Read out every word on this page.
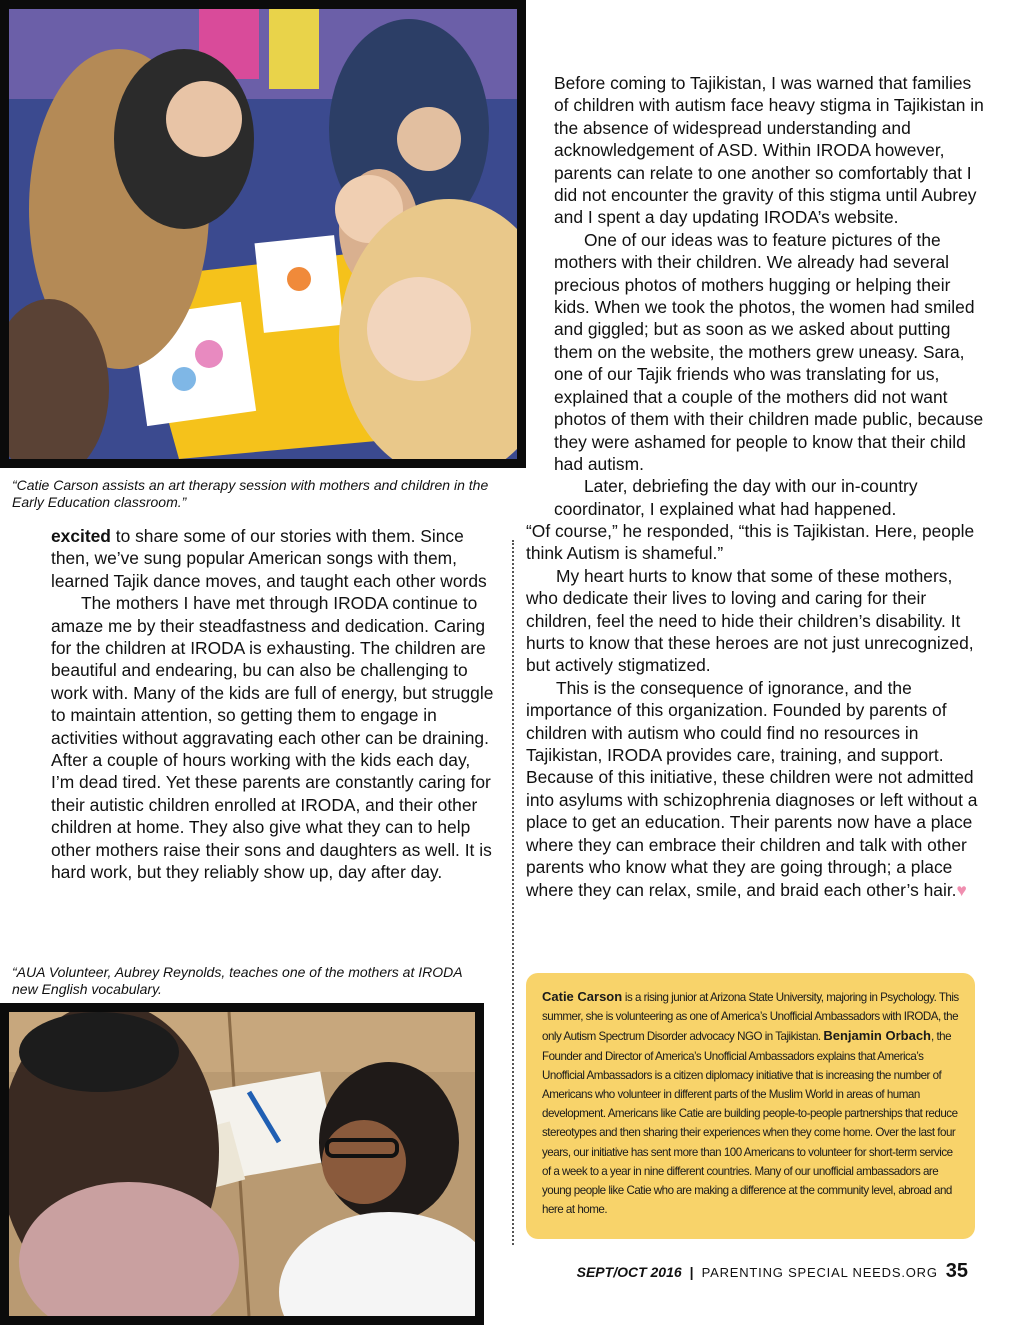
“Catie Carson assists an art therapy session with mothers and children in the Early Education classroom.”

Before coming to Tajikistan, I was warned that families of children with autism face heavy stigma in Tajikistan in the absence of widespread understanding and acknowledgement of ASD. Within IRODA however, parents can relate to one another so comfortably that I did not encounter the gravity of this stigma until Aubrey and I spent a day updating IRODA’s website.

One of our ideas was to feature pictures of the mothers with their children. We already had several precious photos of mothers hugging or helping their kids. When we took the photos, the women had smiled and giggled; but as soon as we asked about putting them on the website, the mothers grew uneasy. Sara, one of our Tajik friends who was translating for us, explained that a couple of the mothers did not want photos of them with their children made public, because they were ashamed for people to know that their child had autism.

Later, debriefing the day with our in-country coordinator, I explained what had happened.

excited to share some of our stories with them. Since then, we’ve sung popular American songs with them, learned Tajik dance moves, and taught each other words

The mothers I have met through IRODA continue to amaze me by their steadfastness and dedication. Caring for the children at IRODA is exhausting. The children are beautiful and endearing, bu can also be challenging to work with. Many of the kids are full of energy, but struggle to maintain attention, so getting them to engage in activities without aggravating each other can be draining. After a couple of hours working with the kids each day, I’m dead tired. Yet these parents are constantly caring for their autistic children enrolled at IRODA, and their other children at home. They also give what they can to help other mothers raise their sons and daughters as well. It is hard work, but they reliably show up, day after day.

“Of course,” he responded, “this is Tajikistan. Here, people think Autism is shameful.”

My heart hurts to know that some of these mothers, who dedicate their lives to loving and caring for their children, feel the need to hide their children’s disability. It hurts to know that these heroes are not just unrecognized, but actively stigmatized.

This is the consequence of ignorance, and the importance of this organization. Founded by parents of children with autism who could find no resources in Tajikistan, IRODA provides care, training, and support. Because of this initiative, these children were not admitted into asylums with schizophrenia diagnoses or left without a place to get an education. Their parents now have a place where they can embrace their children and talk with other parents who know what they are going through; a place where they can relax, smile, and braid each other’s hair.♥

“AUA Volunteer, Aubrey Reynolds, teaches one of the mothers at IRODA new English vocabulary.	Catie Carson is a rising junior at Arizona State University, majoring in Psychology. This summer, she is volunteering as one of America’s Unofficial Ambassadors with IRODA, the only Autism Spectrum Disorder advocacy NGO in Tajikistan. Benjamin Orbach, the Founder and Director of America’s Unofficial Ambassadors explains that America’s Unofficial Ambassadors is a citizen diplomacy initiative that is increasing the number of Americans who volunteer in different parts of the Muslim World in areas of human development. Americans like Catie are building people-to-people partnerships that reduce stereotypes and then sharing their experiences when they come home. Over the last four years, our initiative has sent more than 100 Americans to volunteer for short-term service of a week to a year in nine different countries. Many of our unofficial ambassadors are young people like Catie who are making a difference at the community level, abroad and here at home.
SEPT/OCT 2016 | PARENTING SPECIAL NEEDS.ORG 35
